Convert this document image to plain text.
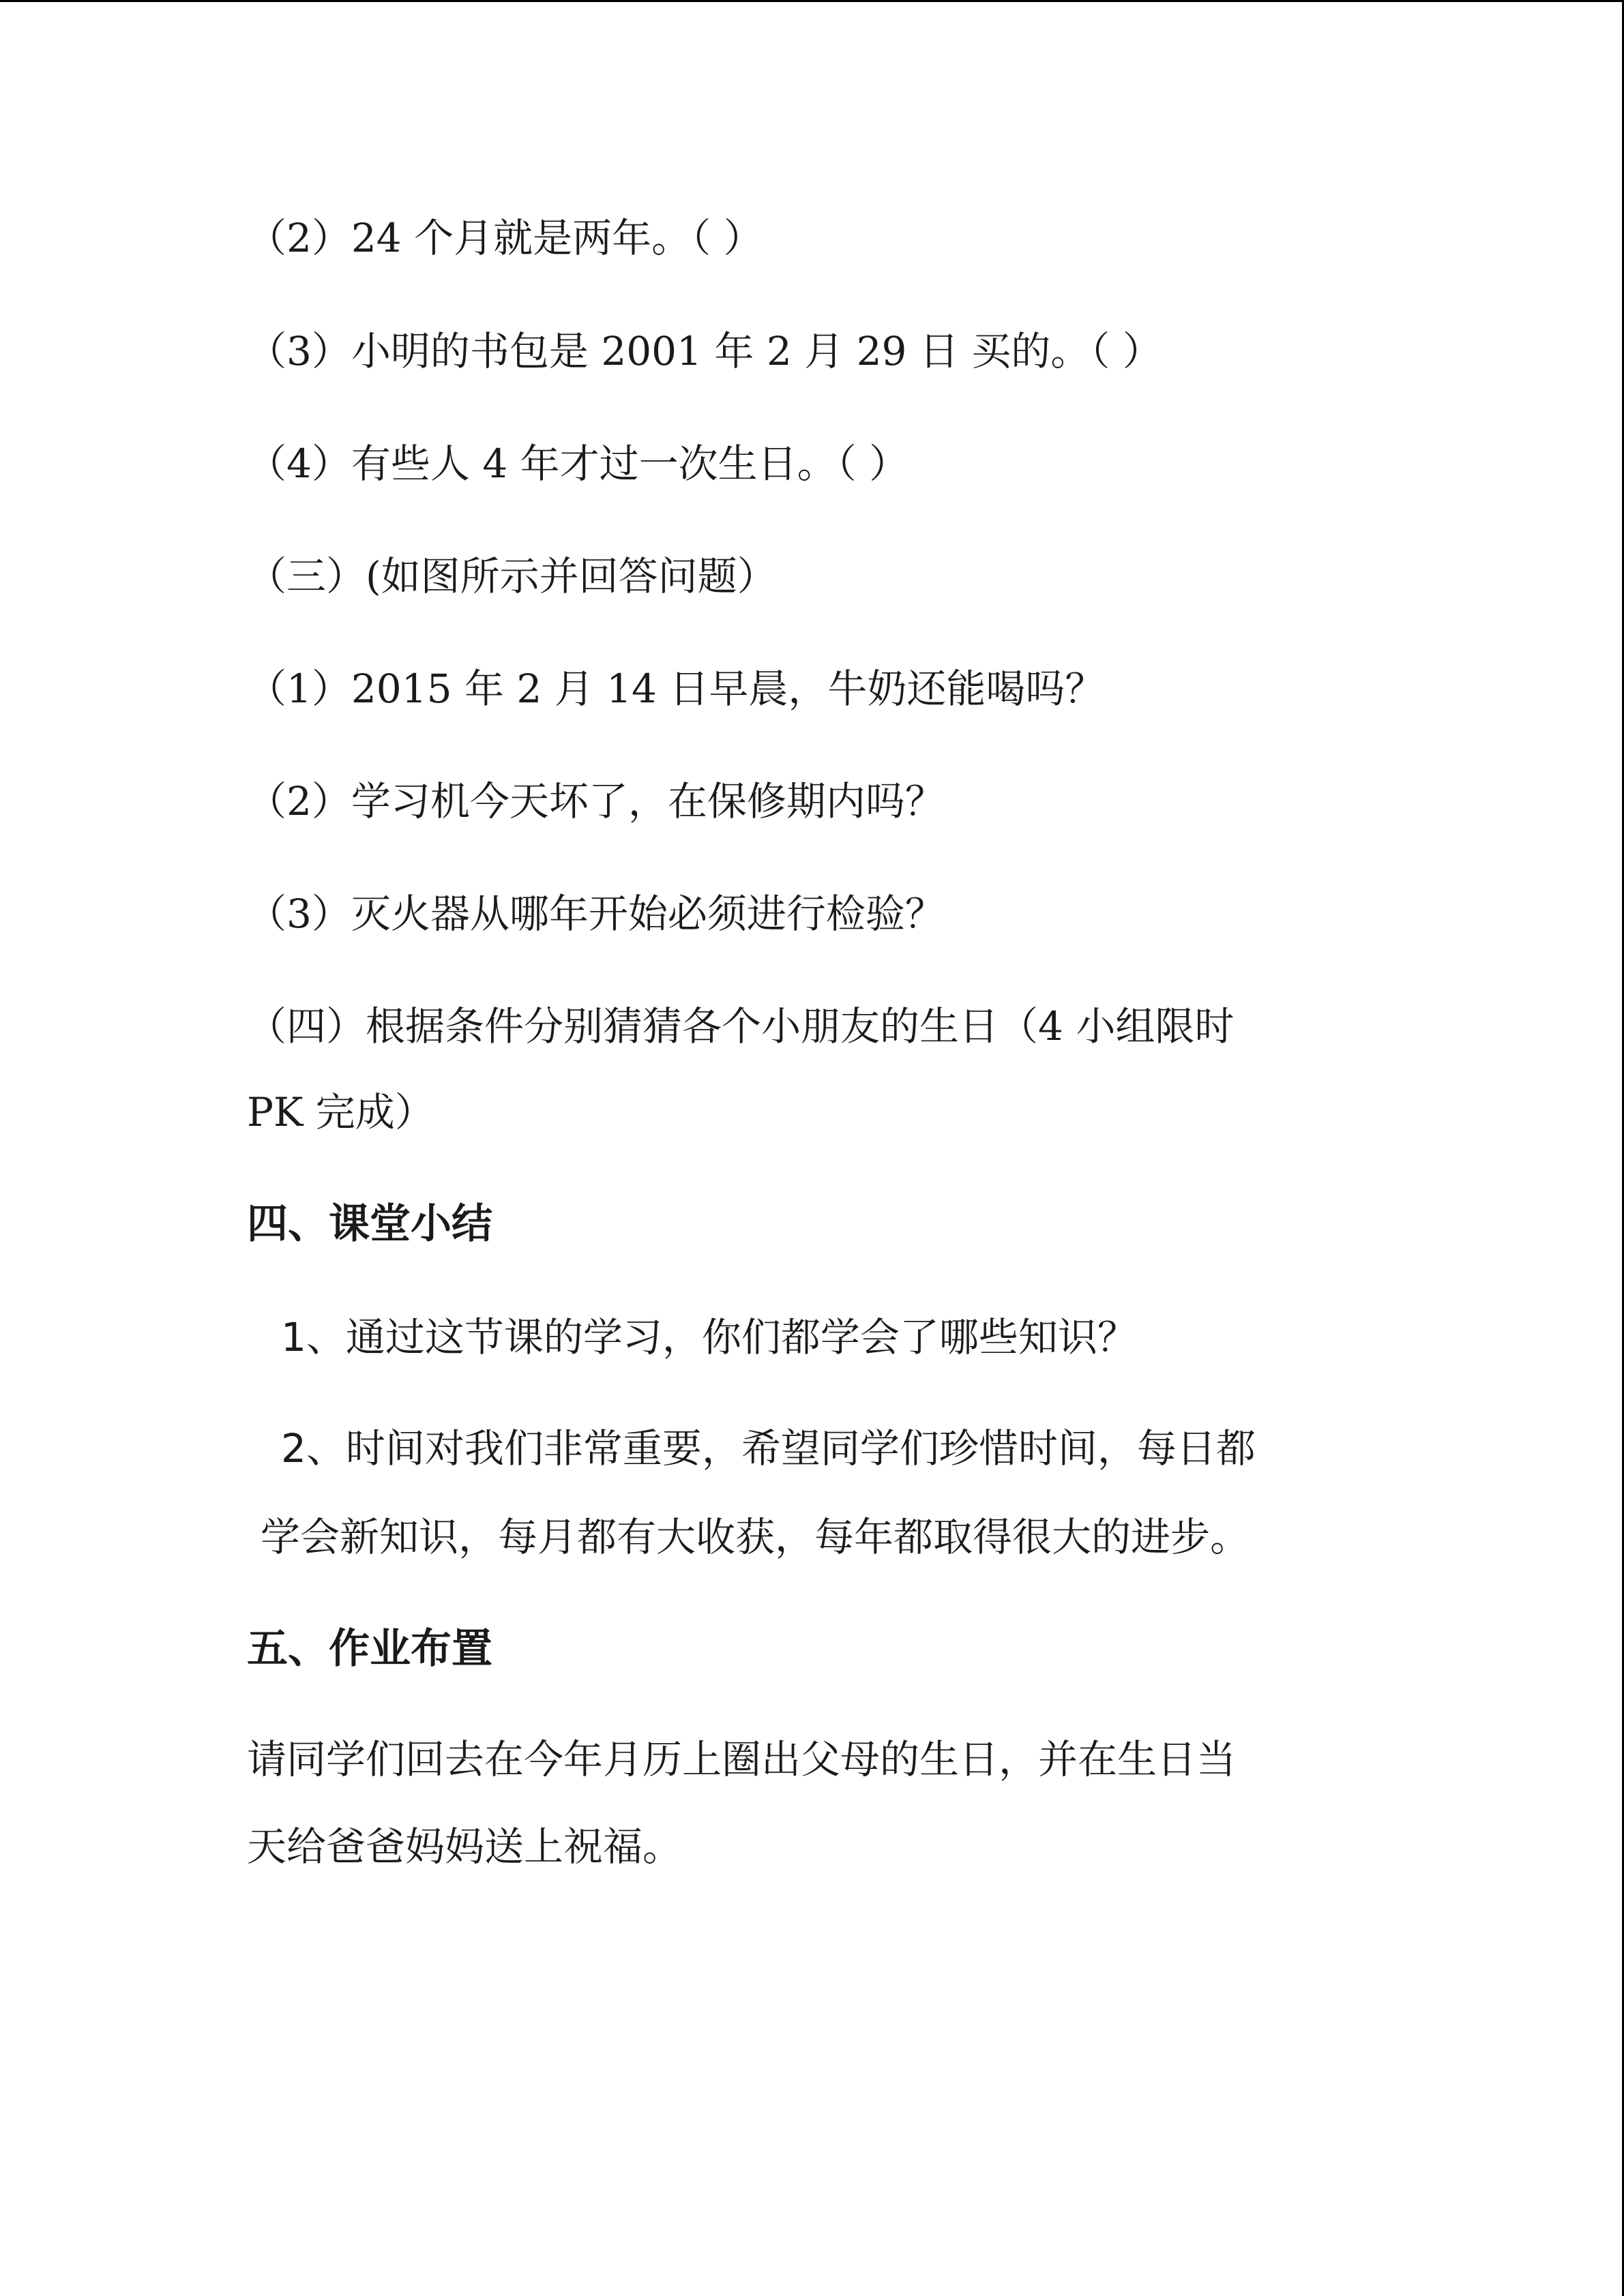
（2）24 个月就是两年。（ ）
（3）小明的书包是 2001 年 2 月 29 日 买的。（ ）
（4）有些人 4 年才过一次生日。（ ）
（三）(如图所示并回答问题）
（1）2015 年 2 月 14 日早晨，牛奶还能喝吗？
（2）学习机今天坏了，在保修期内吗？
（3）灭火器从哪年开始必须进行检验？
（四）根据条件分别猜猜各个小朋友的生日（4 小组限时
PK 完成）
四、课堂小结
1、通过这节课的学习，你们都学会了哪些知识？
2、时间对我们非常重要，希望同学们珍惜时间，每日都
学会新知识，每月都有大收获，每年都取得很大的进步。
五、作业布置
请同学们回去在今年月历上圈出父母的生日，并在生日当
天给爸爸妈妈送上祝福。
